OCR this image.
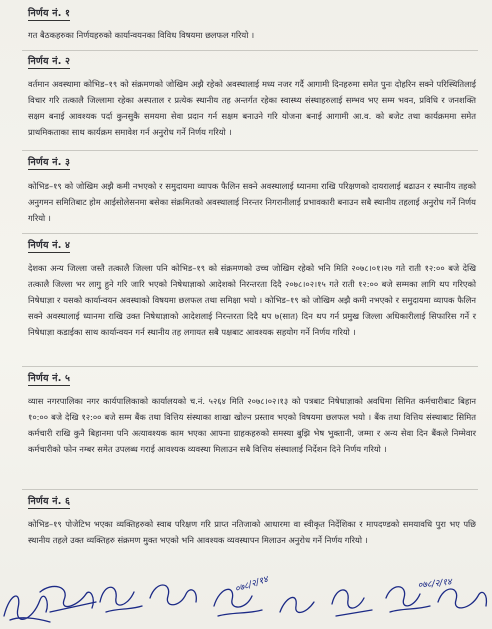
निर्णय नं. १
गत बैठकहरुका निर्णयहरुको कार्यान्वयनका विविध विषयमा छलफल गरियो ।
निर्णय नं. २
वर्तमान अवस्थामा कोभिड–१९ को संक्रमणको जोखिम अझै रहेको अवस्थालाई मध्य नजर गर्दै आगामी दिनहरुमा समेत पुनः दोहरिन सक्ने परिस्थितिलाई विचार गरि तत्कालै जिल्लामा रहेका अस्पताल र प्रत्येक स्थानीय तह अन्तर्गत रहेका स्वास्थ्य संस्थाहरुलाई सम्भव भए सम्म भवन, प्रविधि र जनशक्ति सक्षम बनाई आवश्यक पर्दा कुनसुकै समयमा सेवा प्रदान गर्न सक्षम बनाउने गरि योजना बनाई आगामी आ.व. को बजेट तथा कार्यक्रममा समेत प्राथमिकताका साथ कार्यक्रम समावेश गर्न अनुरोध गर्ने निर्णय गरियो ।
निर्णय नं. ३
कोभिड–१९ को जोखिम अझै कमी नभएको र समुदायमा व्यापक फैलिन सक्ने अवस्थालाई ध्यानमा राखि परिक्षणको दायरालाई बढाउन र स्थानीय तहको अनुगमन समितिबाट होम आईसोलेसनमा बसेका संक्रमितको अवस्थालाई निरन्तर निगरानीलाई प्रभावकारी बनाउन सबै स्थानीय तहलाई अनुरोध गर्ने निर्णय गरियो ।
निर्णय नं. ४
देशका अन्य जिल्ला जस्तै तत्कालै जिल्ला पनि कोभिड–१९ को संक्रमणको उच्च जोखिम रहेको भनि मिति २०७८।०१।२७ गते राती १२:०० बजे देखि तत्कालै जिल्ला भर लागु हुने गरि जारि भएको निषेधाज्ञाको आदेशको निरन्तरता दिदै २०७८।०२।१५ गते राती १२:०० बजे सम्मका लागि थप गरिएको निषेधाज्ञा र यसको कार्यान्वयन अवस्थाको विषयमा छलफल तथा समिक्षा भयो । कोभिड–१९ को जोखिम अझै कमी नभएको र समुदायमा व्यापक फैलिन सक्ने अवस्थालाई ध्यानमा राखि उक्त निषेधाज्ञाको आदेशलाई निरन्तरता दिदै थप ७(सात) दिन थप गर्न प्रमुख जिल्ला अधिकारीलाई सिफारिस गर्ने र निषेधाज्ञा कडाईका साथ कार्यान्वयन गर्न स्थानीय तह लगायत सबै पक्षबाट आवश्यक सहयोग गर्ने निर्णय गरियो ।
निर्णय नं. ५
व्यास नगरपालिका नगर कार्यपालिकाको कार्यालयको च.नं. ५२६४ मिति २०७८।०२।१३ को पत्रबाट निषेधाज्ञाको अवधिमा सिमित कर्मचारीबाट बिहान १०:०० बजे देखि १२:०० बजे सम्म बैंक तथा वित्तिय संस्थाका शाखा खोल्न प्रस्ताव भएको विषयमा छलफल भयो । बैंक तथा वित्तिय संस्थाबाट सिमित कर्मचारी राखि कुनै बिहानमा पनि अत्यावश्यक काम भएका आफ्ना ग्राहकहरुको समस्या बुझि भेष भुक्तानी, जम्मा र अन्य सेवा दिन बैंकले निम्मेवार कर्मचारीको फोन नम्बर समेत उपलब्ध गराई आवश्यक व्यवस्था मिलाउन सबै वित्तिय संस्थालाई निर्देशन दिने निर्णय गरियो ।
निर्णय नं. ६
कोभिड–१९ पोजेटिभ भएका व्यक्तिहरुको स्वाब परिक्षण गरि प्राप्त नतिजाको आधारमा वा स्वीकृत निर्देशिका र मापदण्डको समयावधि पुरा भए पछि स्थानीय तहले उक्त व्यक्तिहरु संक्रमण मुक्त भएको भनि आवश्यक व्यवस्थापन मिलाउन अनुरोध गर्ने निर्णय गरियो ।
०७८/२/१४	०७८/२/१४
